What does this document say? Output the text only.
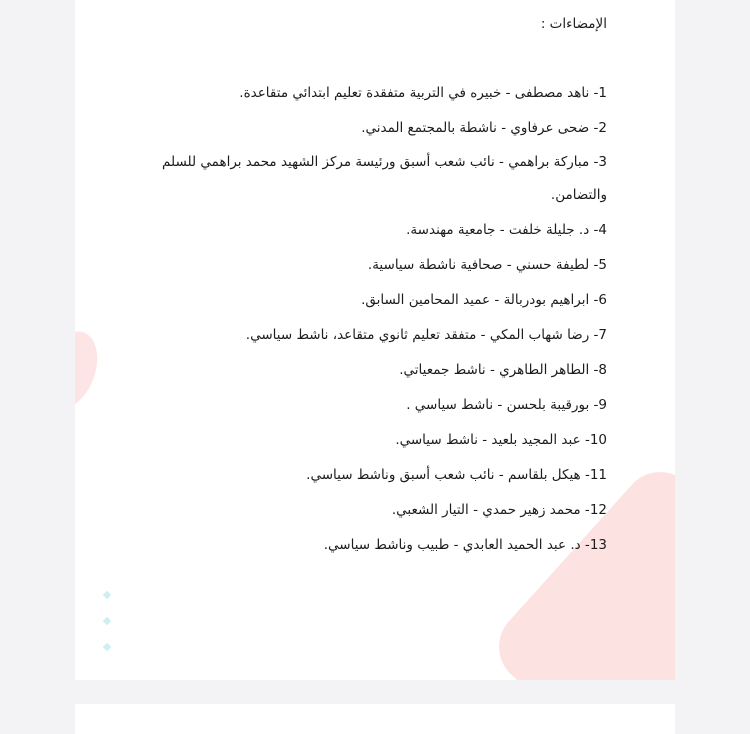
الإمضاءات :

1- ناهد مصطفى - خبيره في التربية متفقدة تعليم ابتدائي متقاعدة.
2- ضحى عرفاوي - ناشطة بالمجتمع المدني.
3- مباركة براهمي - نائب شعب أسبق ورئيسة مركز الشهيد محمد براهمي للسلم والتضامن.
4- د. جليلة خلفت - جامعية مهندسة.
5- لطيفة حسني - صحافية ناشطة سياسية.
6- ابراهيم بودربالة - عميد المحامين السابق.
7- رضا شهاب المكي - متفقد تعليم ثانوي متقاعد، ناشط سياسي.
8- الطاهر الطاهري - ناشط جمعياتي.
9- بورقيبة بلحسن - ناشط سياسي .
10- عبد المجيد بلعيد - ناشط سياسي.
11- هيكل بلقاسم - نائب شعب أسبق وناشط سياسي.
12- محمد زهير حمدي - التيار الشعبي.
13- د. عبد الحميد العابدي - طبيب وناشط سياسي.
